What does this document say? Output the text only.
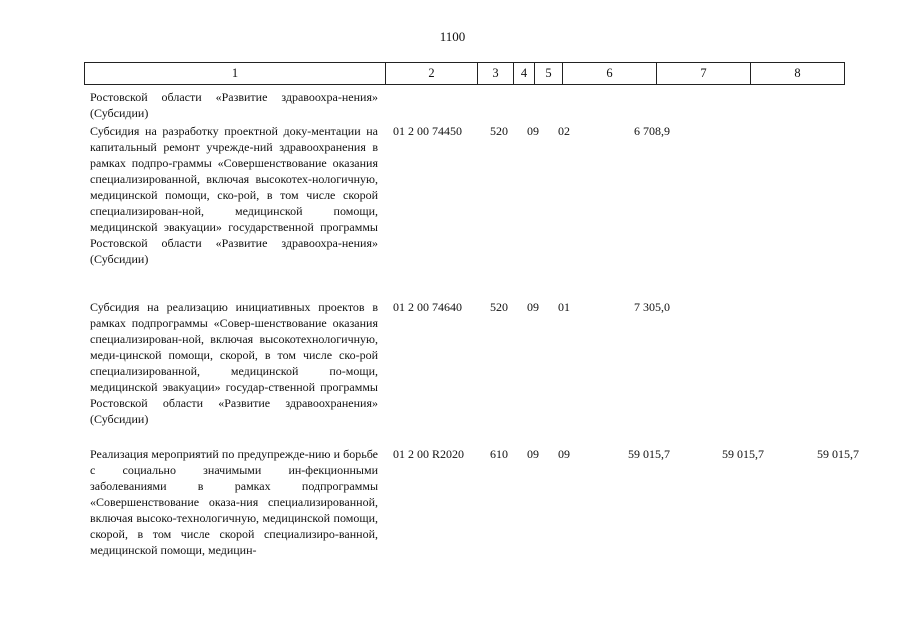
1100
1	2	3	4	5	6	7	8
Ростовской области «Развитие здравоохра-нения» (Субсидии)
Субсидия на разработку проектной доку-ментации на капитальный ремонт учрежде-ний здравоохранения в рамках подпро-граммы «Совершенствование оказания специализированной, включая высокотех-нологичную, медицинской помощи, ско-рой, в том числе скорой специализирован-ной, медицинской помощи, медицинской эвакуации» государственной программы Ростовской области «Развитие здравоохра-нения» (Субсидии)
01 2 00 74450	520	09	02	6 708,9
Субсидия на реализацию инициативных проектов в рамках подпрограммы «Совер-шенствование оказания специализирован-ной, включая высокотехнологичную, меди-цинской помощи, скорой, в том числе ско-рой специализированной, медицинской по-мощи, медицинской эвакуации» государ-ственной программы Ростовской области «Развитие здравоохранения» (Субсидии)
01 2 00 74640	520	09	01	7 305,0
Реализация мероприятий по предупрежде-нию и борьбе с социально значимыми ин-фекционными заболеваниями в рамках подпрограммы «Совершенствование оказа-ния специализированной, включая высоко-технологичную, медицинской помощи, скорой, в том числе скорой специализиро-ванной, медицинской помощи, медицин-
01 2 00 R2020	610	09	09	59 015,7	59 015,7	59 015,7
